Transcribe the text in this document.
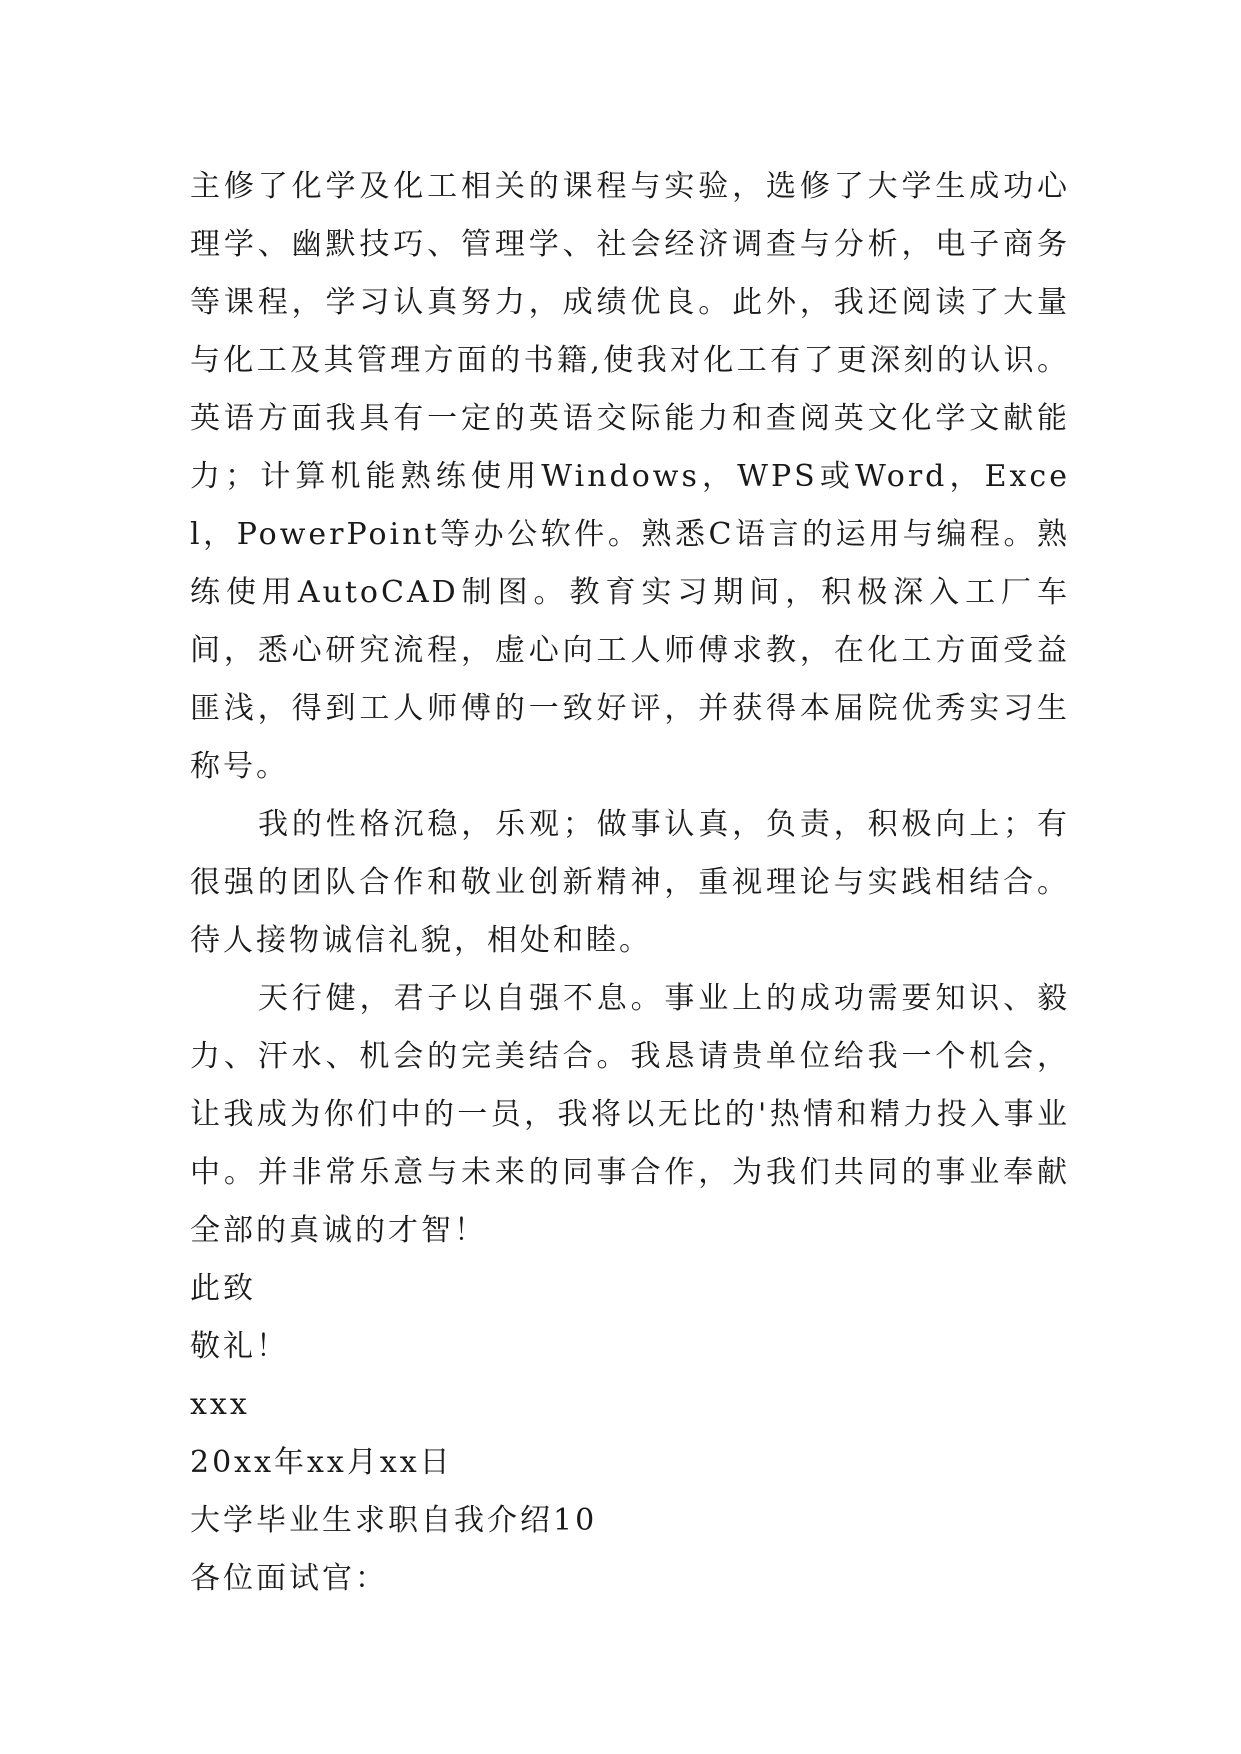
主修了化学及化工相关的课程与实验，选修了大学生成功心理学、幽默技巧、管理学、社会经济调查与分析，电子商务等课程，学习认真努力，成绩优良。此外，我还阅读了大量与化工及其管理方面的书籍,使我对化工有了更深刻的认识。英语方面我具有一定的英语交际能力和查阅英文化学文献能力；计算机能熟练使用Windows，WPS或Word，Excel，PowerPoint等办公软件。熟悉C语言的运用与编程。熟练使用AutoCAD制图。教育实习期间，积极深入工厂车间，悉心研究流程，虚心向工人师傅求教，在化工方面受益匪浅，得到工人师傅的一致好评，并获得本届院优秀实习生称号。

我的性格沉稳，乐观；做事认真，负责，积极向上；有很强的团队合作和敬业创新精神，重视理论与实践相结合。待人接物诚信礼貌，相处和睦。

天行健，君子以自强不息。事业上的成功需要知识、毅力、汗水、机会的完美结合。我恳请贵单位给我一个机会，让我成为你们中的一员，我将以无比的'热情和精力投入事业中。并非常乐意与未来的同事合作，为我们共同的事业奉献全部的真诚的才智！

此致

敬礼！

xxx

20xx年xx月xx日

大学毕业生求职自我介绍10

各位面试官：
